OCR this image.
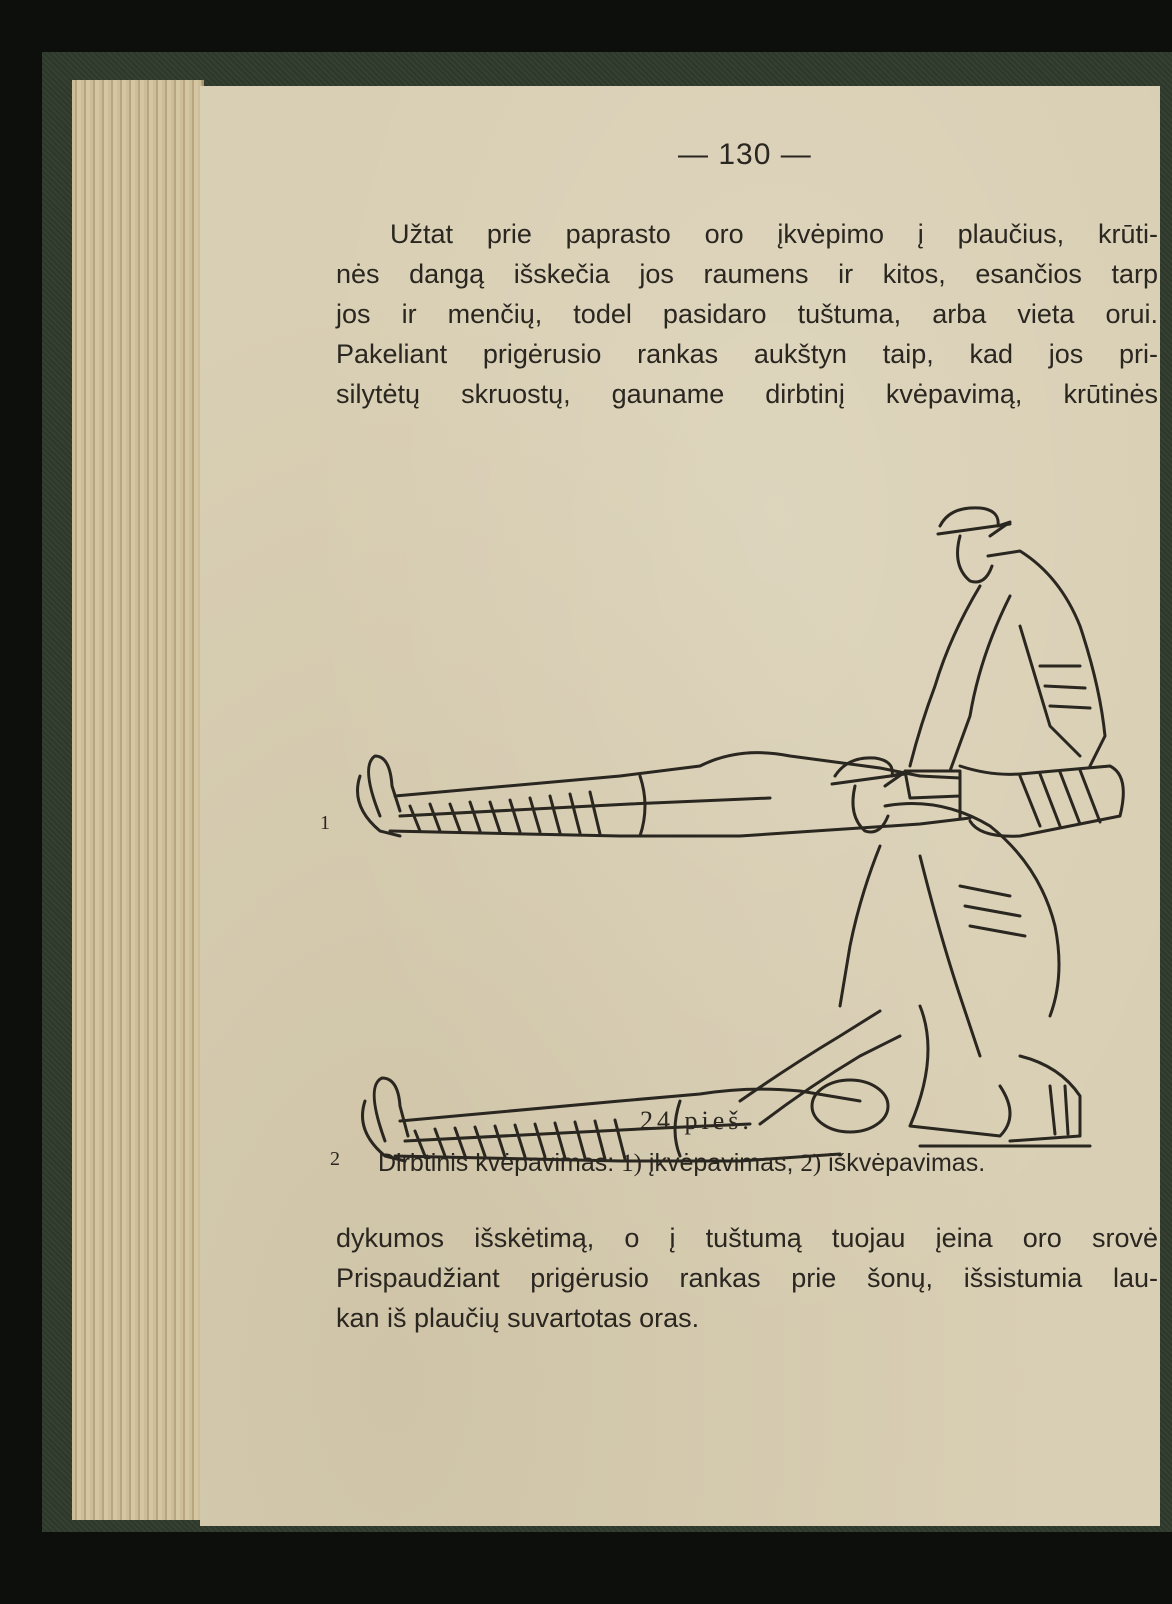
— 130 —
Užtat prie paprasto oro įkvėpimo į plaučius, krūti-
nės dangą išskečia jos raumens ir kitos, esančios tarp
jos ir menčių, todel pasidaro tuštuma, arba vieta orui.
Pakeliant prigėrusio rankas aukštyn taip, kad jos pri-
silytėtų skruostų, gauname dirbtinį kvėpavimą, krūtinės
1
2
24 pieš.
Dirbtinis kvėpavimas: 1) įkvėpavimas, 2) iškvėpavimas.
dykumos išskėtimą, o į tuštumą tuojau įeina oro srovė
Prispaudžiant prigėrusio rankas prie šonų, išsistumia lau-
kan iš plaučių suvartotas oras.
